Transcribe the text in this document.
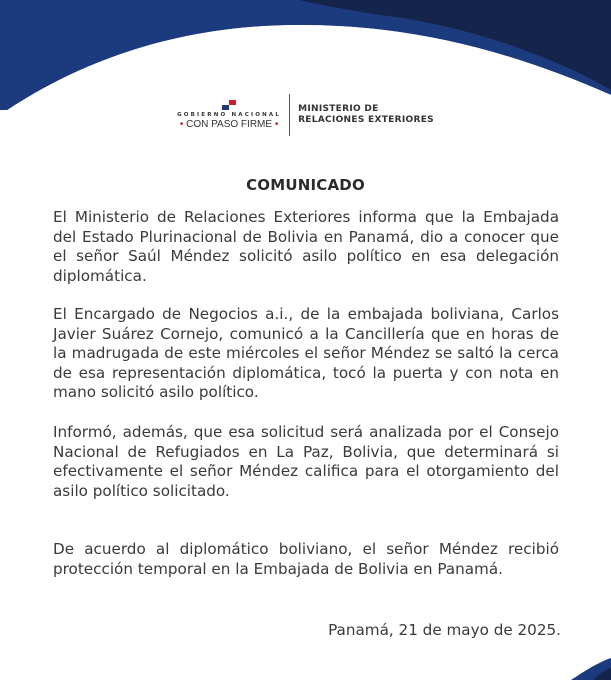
GOBIERNO NACIONAL
• CON PASO FIRME •
MINISTERIO DE
RELACIONES EXTERIORES
COMUNICADO
El Ministerio de Relaciones Exteriores informa que la Embajada del Estado Plurinacional de Bolivia en Panamá, dio a conocer que el señor Saúl Méndez solicitó asilo político en esa delegación diplomática.
El Encargado de Negocios a.i., de la embajada boliviana, Carlos Javier Suárez Cornejo, comunicó a la Cancillería que en horas de la madrugada de este miércoles el señor Méndez se saltó la cerca de esa representación diplomática, tocó la puerta y con nota en mano solicitó asilo político.
Informó, además, que esa solicitud será analizada por el Consejo Nacional de Refugiados en La Paz, Bolivia, que determinará si efectivamente el señor Méndez califica para el otorgamiento del asilo político solicitado.
De acuerdo al diplomático boliviano, el señor Méndez recibió protección temporal en la Embajada de Bolivia en Panamá.
Panamá, 21 de mayo de 2025.
